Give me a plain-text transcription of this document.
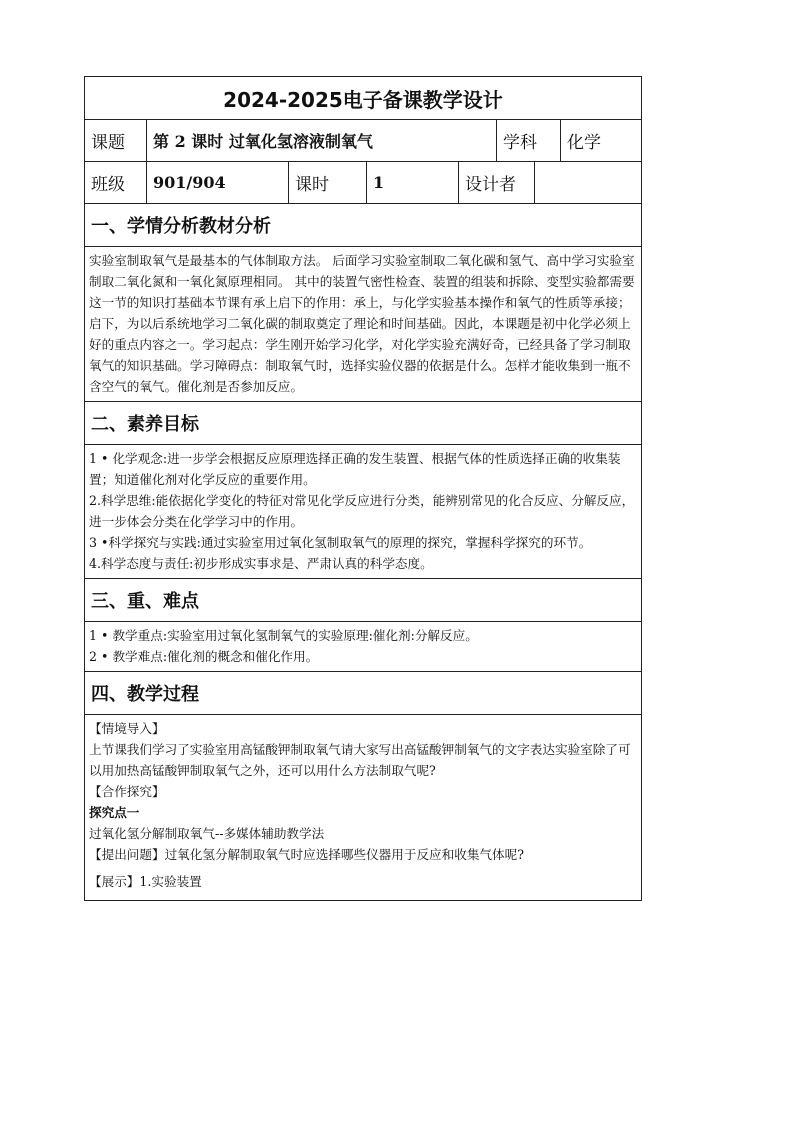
2024-2025电子备课教学设计
课题	第 2 课时 过氧化氢溶液制氧气	学科	化学
班级	901/904	课时	1	设计者
一、学情分析教材分析

实验室制取氧气是最基本的气体制取方法。 后面学习实验室制取二氧化碳和氢气、高中学习实验室制取二氧化氮和一氧化氮原理相同。 其中的装置气密性检查、装置的组装和拆除、变型实验都需要这一节的知识打基础本节课有承上启下的作用：承上，与化学实验基本操作和氧气的性质等承接；启下，为以后系统地学习二氧化碳的制取奠定了理论和时间基础。因此，本课题是初中化学必须上好的重点内容之一。学习起点：学生刚开始学习化学，对化学实验充满好奇，已经具备了学习制取氧气的知识基础。学习障碍点：制取氧气时，选择实验仪器的依据是什么。怎样才能收集到一瓶不含空气的氧气。催化剂是否参加反应。

二、素养目标

1 • 化学观念:进一步学会根据反应原理选择正确的发生装置、根据气体的性质选择正确的收集装置；知道催化剂对化学反应的重要作用。

2.科学思维:能依据化学变化的特征对常见化学反应进行分类，能辨别常见的化合反应、分解反应，进一步体会分类在化学学习中的作用。

3 •科学探究与实践:通过实验室用过氧化氢制取氧气的原理的探究，掌握科学探究的环节。

4.科学态度与责任:初步形成实事求是、严肃认真的科学态度。

三、重、难点

1 • 教学重点:实验室用过氧化氢制氧气的实验原理:催化剂:分解反应。

2 • 教学难点:催化剂的概念和催化作用。

四、教学过程

【情境导入】

上节课我们学习了实验室用高锰酸钾制取氧气请大家写出高锰酸钾制氧气的文字表达实验室除了可以用加热高锰酸钾制取氧气之外，还可以用什么方法制取气呢?

【合作探究】

探究点一

过氧化氢分解制取氧气--多媒体辅助教学法

【提出问题】过氧化氢分解制取氧气时应选择哪些仪器用于反应和收集气体呢?

【展示】1.实验装置
